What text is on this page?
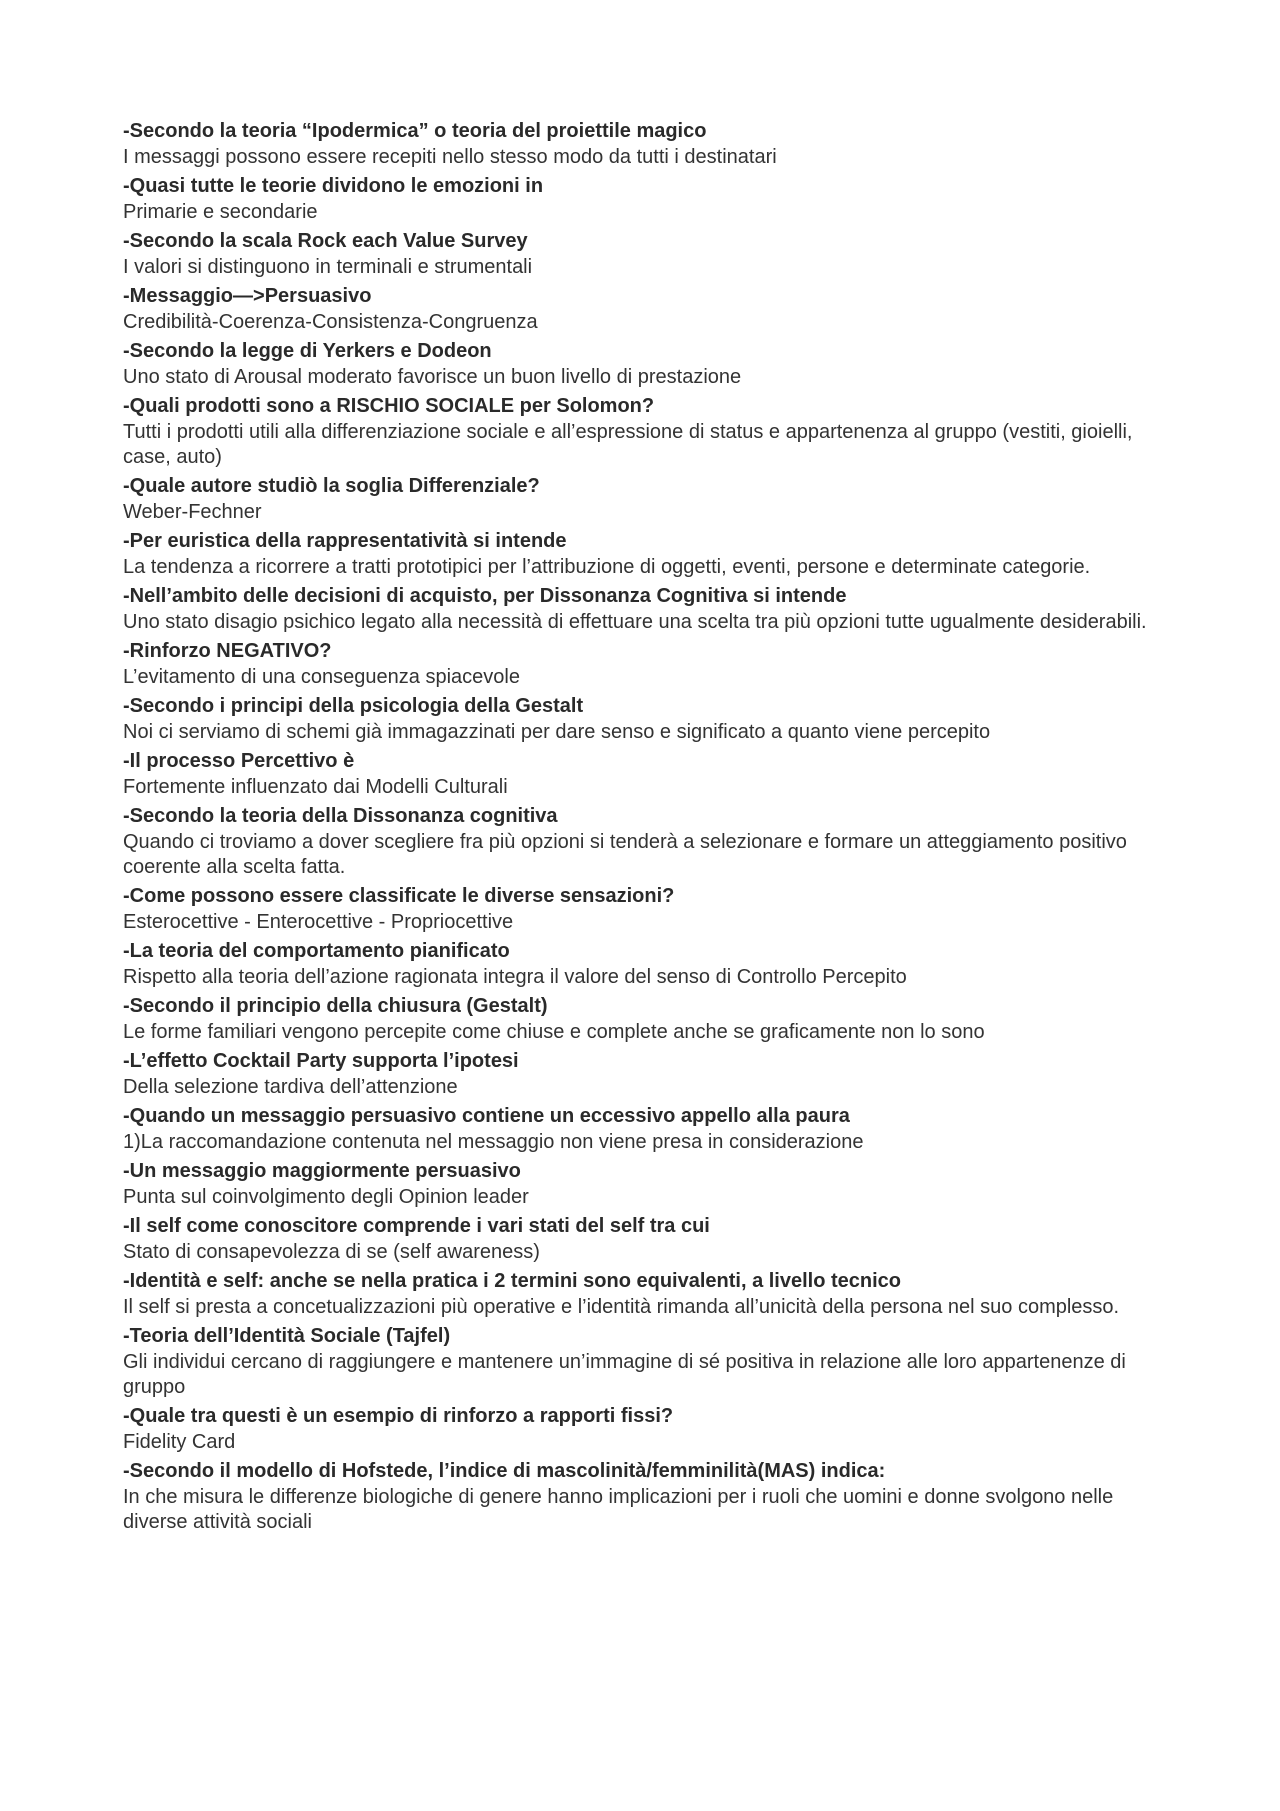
-Secondo la teoria “Ipodermica” o teoria del proiettile magico
I messaggi possono essere recepiti nello stesso modo da tutti i destinatari
-Quasi tutte le teorie dividono le emozioni in
Primarie e secondarie
-Secondo la scala Rock each Value Survey
I valori si distinguono in terminali e strumentali
-Messaggio—>Persuasivo
Credibilità-Coerenza-Consistenza-Congruenza
-Secondo la legge di Yerkers e Dodeon
Uno stato di Arousal moderato favorisce un buon livello di prestazione
-Quali prodotti sono a RISCHIO SOCIALE per Solomon?
Tutti i prodotti utili alla differenziazione sociale e all’espressione di status e appartenenza al gruppo (vestiti, gioielli, case, auto)
-Quale autore studiò la soglia Differenziale?
Weber-Fechner
-Per euristica della rappresentatività si intende
La tendenza a ricorrere a tratti prototipici per l’attribuzione di oggetti, eventi, persone e determinate categorie.
-Nell’ambito delle decisioni di acquisto, per Dissonanza Cognitiva si intende
Uno stato disagio psichico legato alla necessità di effettuare una scelta tra più opzioni tutte ugualmente desiderabili.
-Rinforzo NEGATIVO?
L’evitamento di una conseguenza spiacevole
-Secondo i principi della psicologia della Gestalt
Noi ci serviamo di schemi già immagazzinati per dare senso e significato a quanto viene percepito
-Il processo Percettivo è
Fortemente influenzato dai Modelli Culturali
-Secondo la teoria della Dissonanza cognitiva
Quando ci troviamo a dover scegliere fra più opzioni si tenderà a selezionare e formare un atteggiamento positivo coerente alla scelta fatta.
-Come possono essere classificate le diverse sensazioni?
Esterocettive - Enterocettive - Propriocettive
-La teoria del comportamento pianificato
Rispetto alla teoria dell’azione ragionata integra il valore del senso di Controllo Percepito
-Secondo il principio della chiusura (Gestalt)
Le forme familiari vengono percepite come chiuse e complete anche se graficamente non lo sono
-L’effetto Cocktail Party supporta l’ipotesi
Della selezione tardiva dell’attenzione
-Quando un messaggio persuasivo contiene un eccessivo appello alla paura
1)La raccomandazione contenuta nel messaggio non viene presa in considerazione
-Un messaggio maggiormente persuasivo
Punta sul coinvolgimento degli Opinion leader
-Il self come conoscitore comprende i vari stati del self tra cui
Stato di consapevolezza di se (self awareness)
-Identità e self: anche se nella pratica i 2 termini sono equivalenti, a livello tecnico
Il self si presta a concetualizzazioni più operative e l’identità rimanda all’unicità della persona nel suo complesso.
-Teoria dell’Identità Sociale (Tajfel)
Gli individui cercano di raggiungere e mantenere un’immagine di sé positiva in relazione alle loro appartenenze di gruppo
-Quale tra questi è un esempio di rinforzo a rapporti fissi?
Fidelity Card
-Secondo il modello di Hofstede, l’indice di mascolinità/femminilità(MAS) indica:
In che misura le differenze biologiche di genere hanno implicazioni per i ruoli che uomini e donne svolgono nelle diverse attività sociali
